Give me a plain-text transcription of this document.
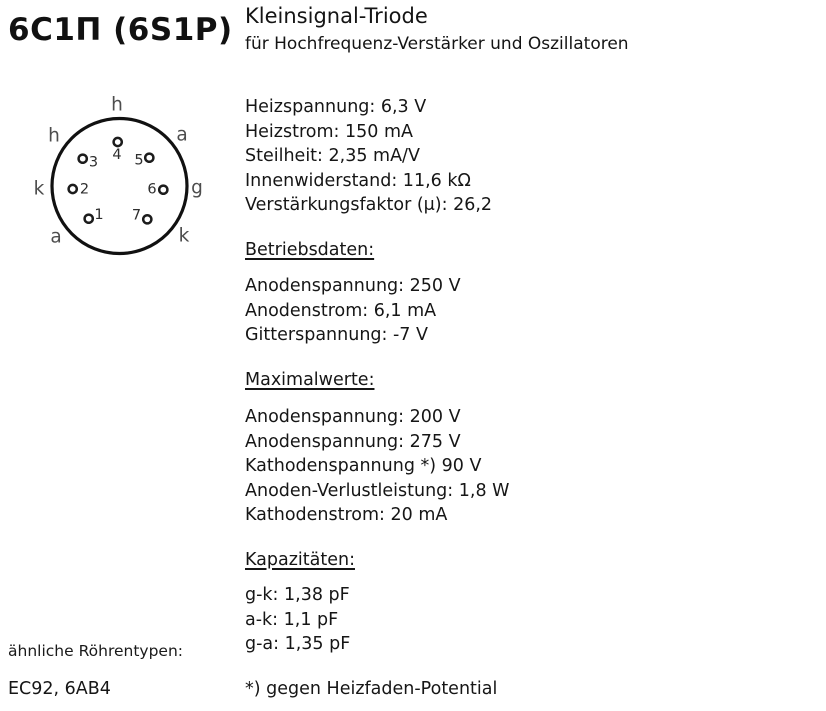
6С1П (6S1P) Kleinsignal-Triode
für Hochfrequenz-Verstärker und Oszillatoren
1
2
3 4 5
6
7
h
h	a
k	g
a	k
Heizspannung: 6,3 V
Heizstrom: 150 mA
Steilheit: 2,35 mA/V
Innenwiderstand: 11,6 kΩ
Verstärkungsfaktor (μ): 26,2
Betriebsdaten:
Anodenspannung: 250 V
Anodenstrom: 6,1 mA
Gitterspannung: -7 V
Maximalwerte:
Anodenspannung: 200 V
Anodenspannung: 275 V
Kathodenspannung *) 90 V
Anoden-Verlustleistung: 1,8 W
Kathodenstrom: 20 mA
Kapazitäten:
g-k: 1,38 pF
a-k: 1,1 pF
g-a: 1,35 pF
*) gegen Heizfaden-Potential
ähnliche Röhrentypen:
EC92, 6AB4
